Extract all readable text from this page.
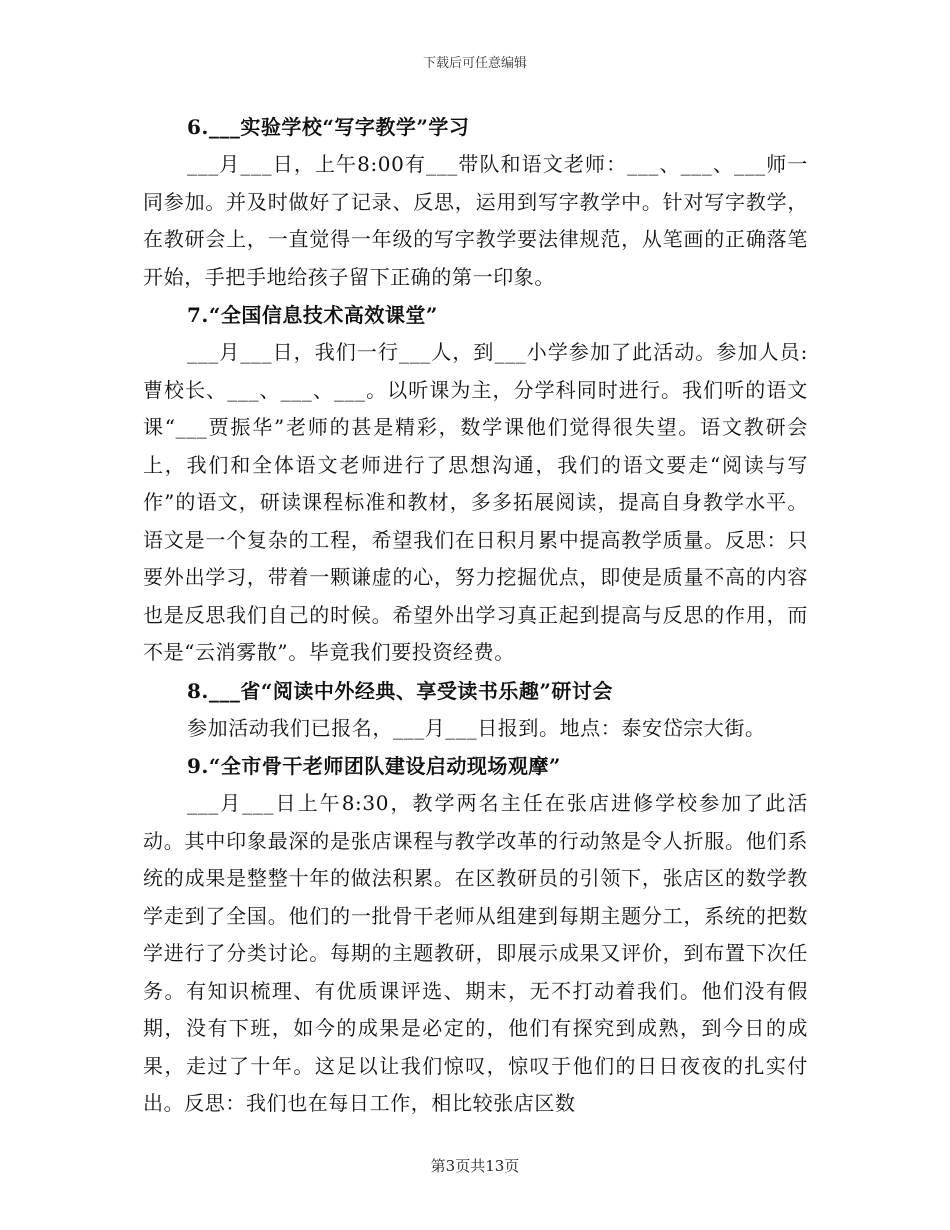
下载后可任意编辑
6.___实验学校“写字教学”学习

___月___日，上午8:00有___带队和语文老师：___、___、___师一同参加。并及时做好了记录、反思，运用到写字教学中。针对写字教学，在教研会上，一直觉得一年级的写字教学要法律规范，从笔画的正确落笔开始，手把手地给孩子留下正确的第一印象。

7.“全国信息技术高效课堂”

___月___日，我们一行___人，到___小学参加了此活动。参加人员:曹校长、___、___、___。以听课为主，分学科同时进行。我们听的语文课“___贾振华”老师的甚是精彩，数学课他们觉得很失望。语文教研会上，我们和全体语文老师进行了思想沟通，我们的语文要走“阅读与写作”的语文，研读课程标准和教材，多多拓展阅读，提高自身教学水平。语文是一个复杂的工程，希望我们在日积月累中提高教学质量。反思：只要外出学习，带着一颗谦虚的心，努力挖掘优点，即使是质量不高的内容也是反思我们自己的时候。希望外出学习真正起到提高与反思的作用，而不是“云消雾散”。毕竟我们要投资经费。

8.___省“阅读中外经典、享受读书乐趣”研讨会

参加活动我们已报名，___月___日报到。地点：泰安岱宗大街。

9.“全市骨干老师团队建设启动现场观摩”

___月___日上午8:30，教学两名主任在张店进修学校参加了此活动。其中印象最深的是张店课程与教学改革的行动煞是令人折服。他们系统的成果是整整十年的做法积累。在区教研员的引领下，张店区的数学教学走到了全国。他们的一批骨干老师从组建到每期主题分工，系统的把数学进行了分类讨论。每期的主题教研，即展示成果又评价，到布置下次任务。有知识梳理、有优质课评选、期末，无不打动着我们。他们没有假期，没有下班，如今的成果是必定的，他们有探究到成熟，到今日的成果，走过了十年。这足以让我们惊叹，惊叹于他们的日日夜夜的扎实付出。反思：我们也在每日工作，相比较张店区数

第3页共13页
